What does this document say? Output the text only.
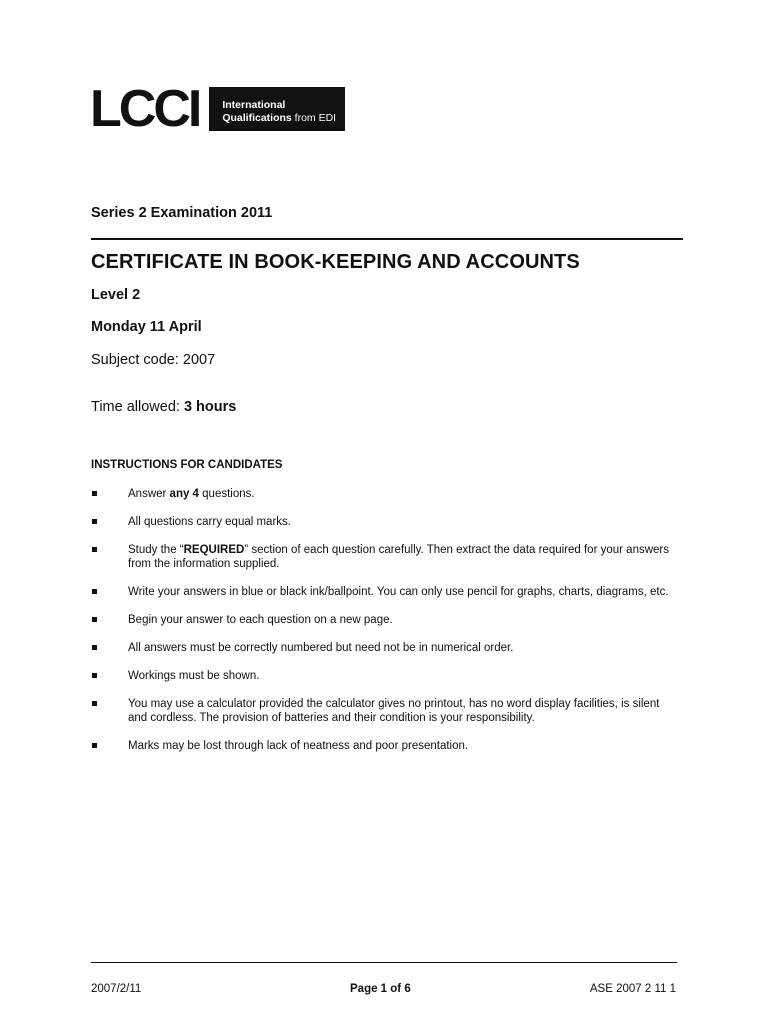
LCCI	International
Qualifications from EDI
Series 2 Examination 2011
CERTIFICATE IN BOOK-KEEPING AND ACCOUNTS
Level 2
Monday 11 April
Subject code: 2007
Time allowed: 3 hours
INSTRUCTIONS FOR CANDIDATES
Answer any 4 questions.
All questions carry equal marks.
Study the “REQUIRED” section of each question carefully. Then extract the data required for your answers from the information supplied.
Write your answers in blue or black ink/ballpoint. You can only use pencil for graphs, charts, diagrams, etc.
Begin your answer to each question on a new page.
All answers must be correctly numbered but need not be in numerical order.
Workings must be shown.
You may use a calculator provided the calculator gives no printout, has no word display facilities, is silent and cordless. The provision of batteries and their condition is your responsibility.
Marks may be lost through lack of neatness and poor presentation.
2007/2/11	Page 1 of 6	ASE 2007 2 11 1
